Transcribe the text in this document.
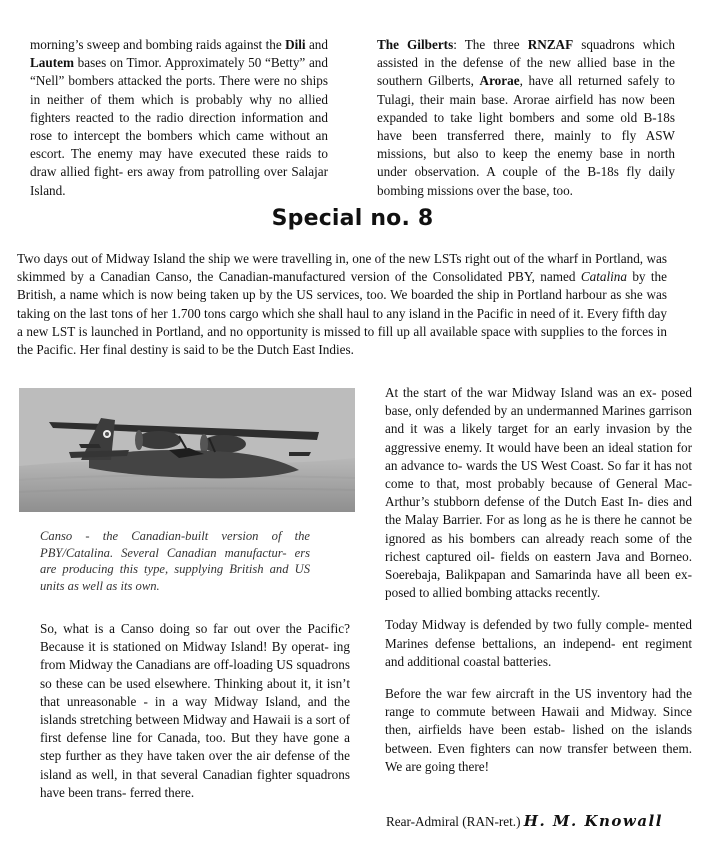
morning’s sweep and bombing raids against the Dili and Lautem bases on Timor. Approximately 50 “Betty” and “Nell” bombers attacked the ports. There were no ships in neither of them which is probably why no allied fighters reacted to the radio direction information and rose to intercept the bombers which came without an escort. The enemy may have executed these raids to draw allied fight- ers away from patrolling over Salajar Island.

The Gilberts: The three RNZAF squadrons which assisted in the defense of the new allied base in the southern Gilberts, Arorae, have all returned safely to Tulagi, their main base. Arorae airfield has now been expanded to take light bombers and some old B-18s have been transferred there, mainly to fly ASW missions, but also to keep the enemy base in north under observation. A couple of the B-18s fly daily bombing missions over the base, too.

Special no. 8

Two days out of Midway Island the ship we were travelling in, one of the new LSTs right out of the wharf in Portland, was skimmed by a Canadian Canso, the Canadian-manufactured version of the Consolidated PBY, named Catalina by the British, a name which is now being taken up by the US services, too. We boarded the ship in Portland harbour as she was taking on the last tons of her 1.700 tons cargo which she shall haul to any island in the Pacific in need of it. Every fifth day a new LST is launched in Portland, and no opportunity is missed to fill up all available space with supplies to the forces in the Pacific. Her final destiny is said to be the Dutch East Indies.

Canso - the Canadian-built version of the PBY/Catalina. Several Canadian manufactur- ers are producing this type, supplying British and US units as well as its own.

So, what is a Canso doing so far out over the Pacific? Because it is stationed on Midway Island! By operat- ing from Midway the Canadians are off-loading US squadrons so these can be used elsewhere. Thinking about it, it isn’t that unreasonable - in a way Midway Island, and the islands stretching between Midway and Hawaii is a sort of first defense line for Canada, too. But they have gone a step further as they have taken over the air defense of the island as well, in that several Canadian fighter squadrons have been trans- ferred there.

At the start of the war Midway Island was an ex- posed base, only defended by an undermanned Marines garrison and it was a likely target for an early invasion by the aggressive enemy. It would have been an ideal station for an advance to- wards the US West Coast. So far it has not come to that, most probably because of General Mac- Arthur’s stubborn defense of the Dutch East In- dies and the Malay Barrier. For as long as he is there he cannot be ignored as his bombers can already reach some of the richest captured oil- fields on eastern Java and Borneo. Soerebaja, Balikpapan and Samarinda have all been ex- posed to allied bombing attacks recently.

Today Midway is defended by two fully comple- mented Marines defense bettalions, an independ- ent regiment and additional coastal batteries.

Before the war few aircraft in the US inventory had the range to commute between Hawaii and Midway. Since then, airfields have been estab- lished on the islands between. Even fighters can now transfer between them. We are going there!

Rear-Admiral (RAN-ret.) H. M. Knowall
